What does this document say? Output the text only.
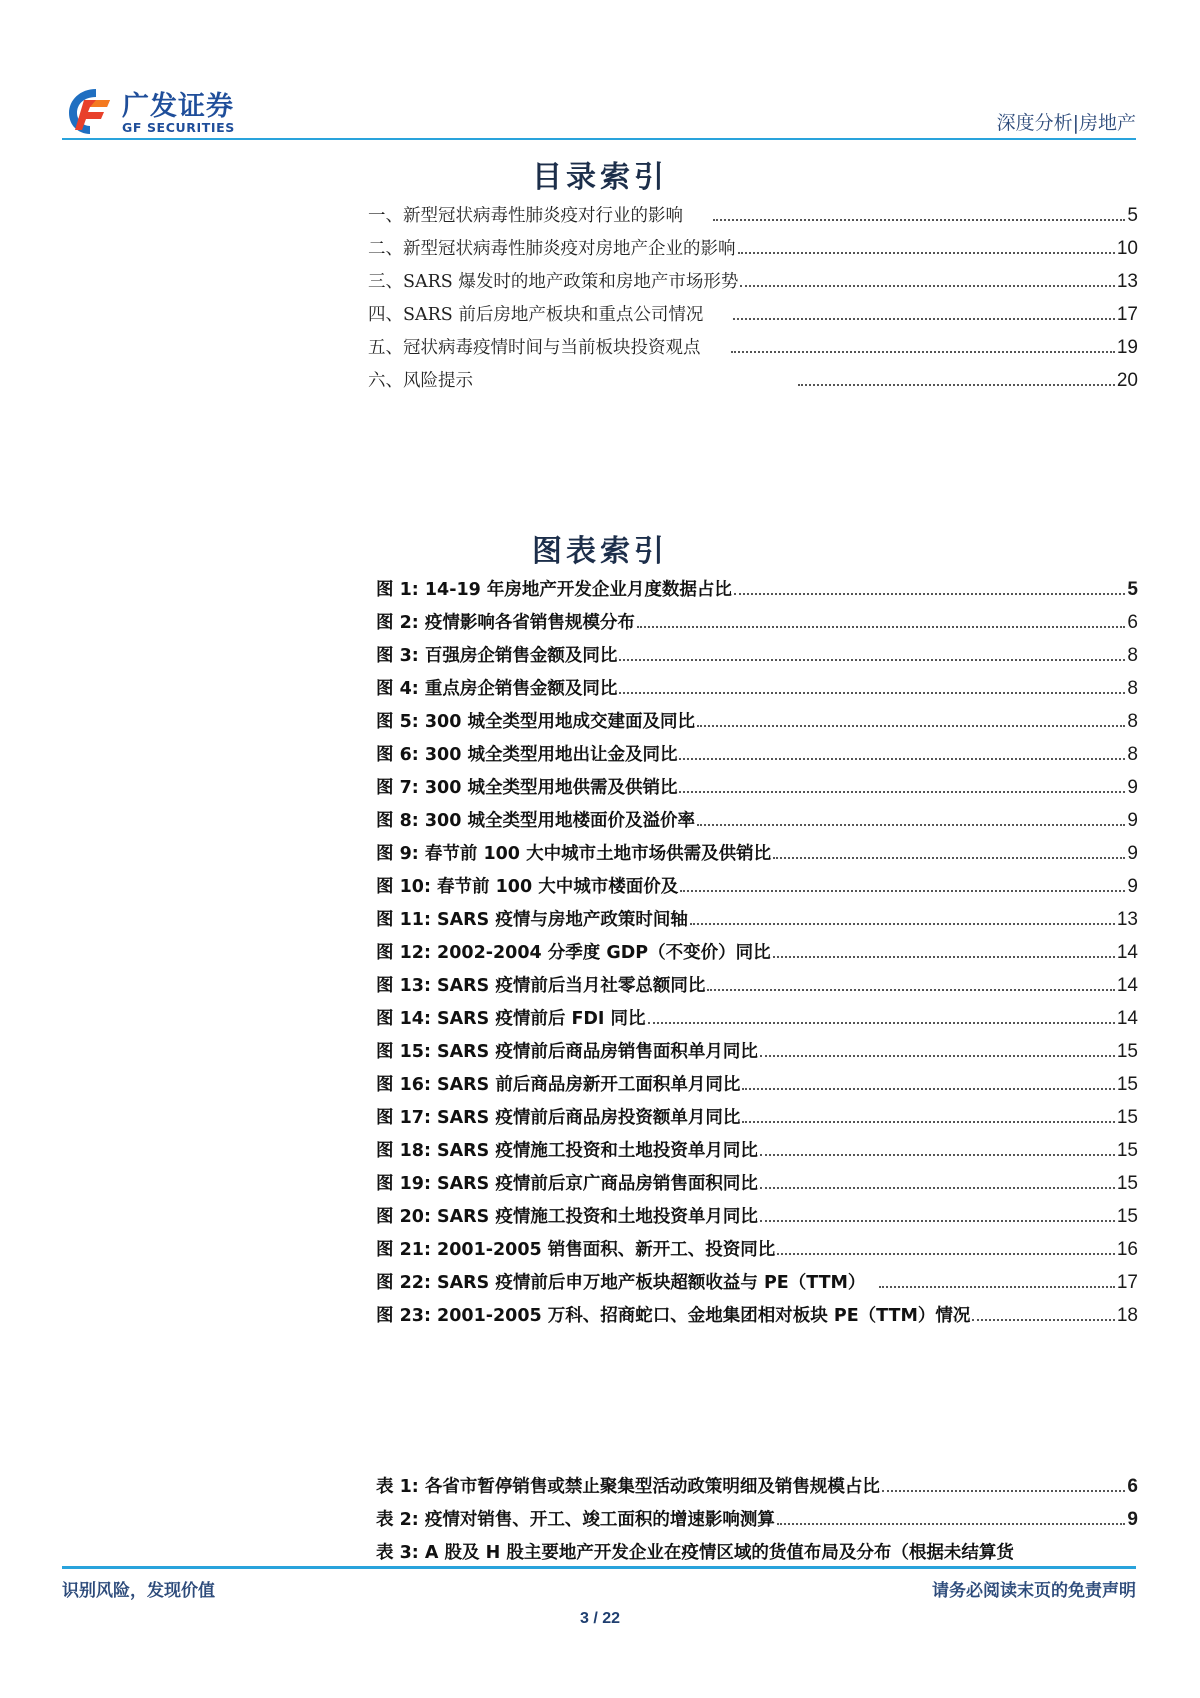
广发证券
GF SECURITIES	深度分析|房地产
目录索引
一、新型冠状病毒性肺炎疫对行业的影响	5
二、新型冠状病毒性肺炎疫对房地产企业的影响	10
三、SARS 爆发时的地产政策和房地产市场形势	13
四、SARS 前后房地产板块和重点公司情况	17
五、冠状病毒疫情时间与当前板块投资观点	19
六、风险提示	20
图表索引
图 1: 14-19 年房地产开发企业月度数据占比	5
图 2: 疫情影响各省销售规模分布	6
图 3: 百强房企销售金额及同比	8
图 4: 重点房企销售金额及同比	8
图 5: 300 城全类型用地成交建面及同比	8
图 6: 300 城全类型用地出让金及同比	8
图 7: 300 城全类型用地供需及供销比	9
图 8: 300 城全类型用地楼面价及溢价率	9
图 9: 春节前 100 大中城市土地市场供需及供销比	9
图 10: 春节前 100 大中城市楼面价及	9
图 11: SARS 疫情与房地产政策时间轴	13
图 12: 2002-2004 分季度 GDP（不变价）同比	14
图 13: SARS 疫情前后当月社零总额同比	14
图 14: SARS 疫情前后 FDI 同比	14
图 15: SARS 疫情前后商品房销售面积单月同比	15
图 16: SARS 前后商品房新开工面积单月同比	15
图 17: SARS 疫情前后商品房投资额单月同比	15
图 18: SARS 疫情施工投资和土地投资单月同比	15
图 19: SARS 疫情前后京广商品房销售面积同比	15
图 20: SARS 疫情施工投资和土地投资单月同比	15
图 21: 2001-2005 销售面积、新开工、投资同比	16
图 22: SARS 疫情前后申万地产板块超额收益与 PE（TTM）	17
图 23: 2001-2005 万科、招商蛇口、金地集团相对板块 PE（TTM）情况	18
表 1: 各省市暂停销售或禁止聚集型活动政策明细及销售规模占比	6
表 2: 疫情对销售、开工、竣工面积的增速影响测算	9
表 3: A 股及 H 股主要地产开发企业在疫情区域的货值布局及分布（根据未结算货
识别风险，发现价值	请务必阅读末页的免责声明
3 / 22
